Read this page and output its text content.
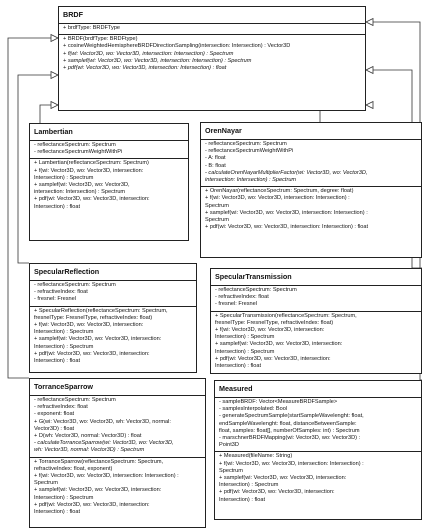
BRDF
+ brdfType: BRDFType
+ BRDF(brdfType: BRDFtype)
+ cosineWeightedHemisphereBRDFDirectionSampling(intersection: Intersection) : Vector3D
+ f(wi: Vector3D, wo: Vector3D, intersection: Intersection) : Spectrum
+ samplef(wi: Vector3D, wo: Vector3D, intersection: Intersection) : Spectrum
+ pdf(wi: Vector3D, wo: Vector3D, intersection: Intersection) : float
Lambertian
- reflectanceSpectrum: Spectrum
- reflectanceSpectrumWeightWithPi
+ Lambertian(reflectanceSpectrum: Spectrum)
+ f(wi: Vector3D, wo: Vector3D, intersection:
Intersection) : Spectrum
+ samplef(wi: Vector3D, wo: Vector3D,
intersection: Intersection) : Spectrum
+ pdf(wi: Vector3D, wo: Vector3D, intersection:
Intersection) : float
OrenNayar
- reflectanceSpectrum: Spectrum
- reflectanceSpectrumWeightWithPi
- A: float
- B: float
- calculateOrenNayarMultiplierFactor(wi: Vector3D, wo: Vector3D,
intersection: Intersection) : Spectrum
+ OrenNayar(reflectanceSpectrum: Spectrum, degree: float)
+ f(wi: Vector3D, wo: Vector3D, intersection: Intersection) :
Spectrum
+ samplef(wi: Vector3D, wo: Vector3D, intersection: Intersection) :
Spectrum
+ pdf(wi: Vector3D, wo: Vector3D, intersection: Intersection) : float
SpecularReflection
- reflectanceSpectrum: Spectrum
- refractiveIndex: float
- fresnel: Fresnel
+ SpecularReflection(reflectanceSpectrum: Spectrum,
fresnelType: FresnelType, refractiveIndex: float)
+ f(wi: Vector3D, wo: Vector3D, intersection:
Intersection) : Spectrum
+ samplef(wi: Vector3D, wo: Vector3D, intersection:
Intersection) : Spectrum
+ pdf(wi: Vector3D, wo: Vector3D, intersection:
Intersection) : float
SpecularTransmission
- reflectanceSpectrum: Spectrum
- refractiveIndex: float
- fresnel: Fresnel
+ SpecularTransmission(reflectanceSpectrum: Spectrum,
fresnelType: FresnelType, refractiveIndex: float)
+ f(wi: Vector3D, wo: Vector3D, intersection:
Intersection) : Spectrum
+ samplef(wi: Vector3D, wo: Vector3D, intersection:
Intersection) : Spectrum
+ pdf(wi: Vector3D, wo: Vector3D, intersection:
Intersection) : float
TorranceSparrow
- reflectanceSpectrum: Spectrum
- refractiveIndex: float
- exponent: float
+ G(wi: Vector3D, wo: Vector3D, wh: Vector3D, normal:
Vector3D) : float
+ D(wh: Vector3D, normal: Vector3D) : float
- calculateTorranceSparrow(wi: Vector3D, wo: Vector3D,
wh: Vector3D, normal: Vector3D) : Spectrum
+ TorranceSparrow(reflectanceSpectrum: Spectrum,
refractiveIndex: float, exponent)
+ f(wi: Vector3D, wo: Vector3D, intersection: Intersection) :
Spectrum
+ samplef(wi: Vector3D, wo: Vector3D, intersection:
Intersection) : Spectrum
+ pdf(wi: Vector3D, wo: Vector3D, intersection:
Intersection) : float
Measured
- sampleBRDF: Vector<MeasureBRDFSample>
- samplesInterpolated: Bool
- generateSpectrumSample(startSampleWavelenght: float,
endSampleWavelenght: float, distanceBetweenSample:
float, samples: float[], numberOfSamples: int) : Spectrum
- marschnerBRDFMapping(wi: Vector3D, wo: Vector3D) :
Point3D
+ Measured(fileName: String)
+ f(wi: Vector3D, wo: Vector3D, intersection: Intersection) :
Spectrum
+ samplef(wi: Vector3D, wo: Vector3D, intersection:
Intersection) : Spectrum
+ pdf(wi: Vector3D, wo: Vector3D, intersection:
Intersection) : float
